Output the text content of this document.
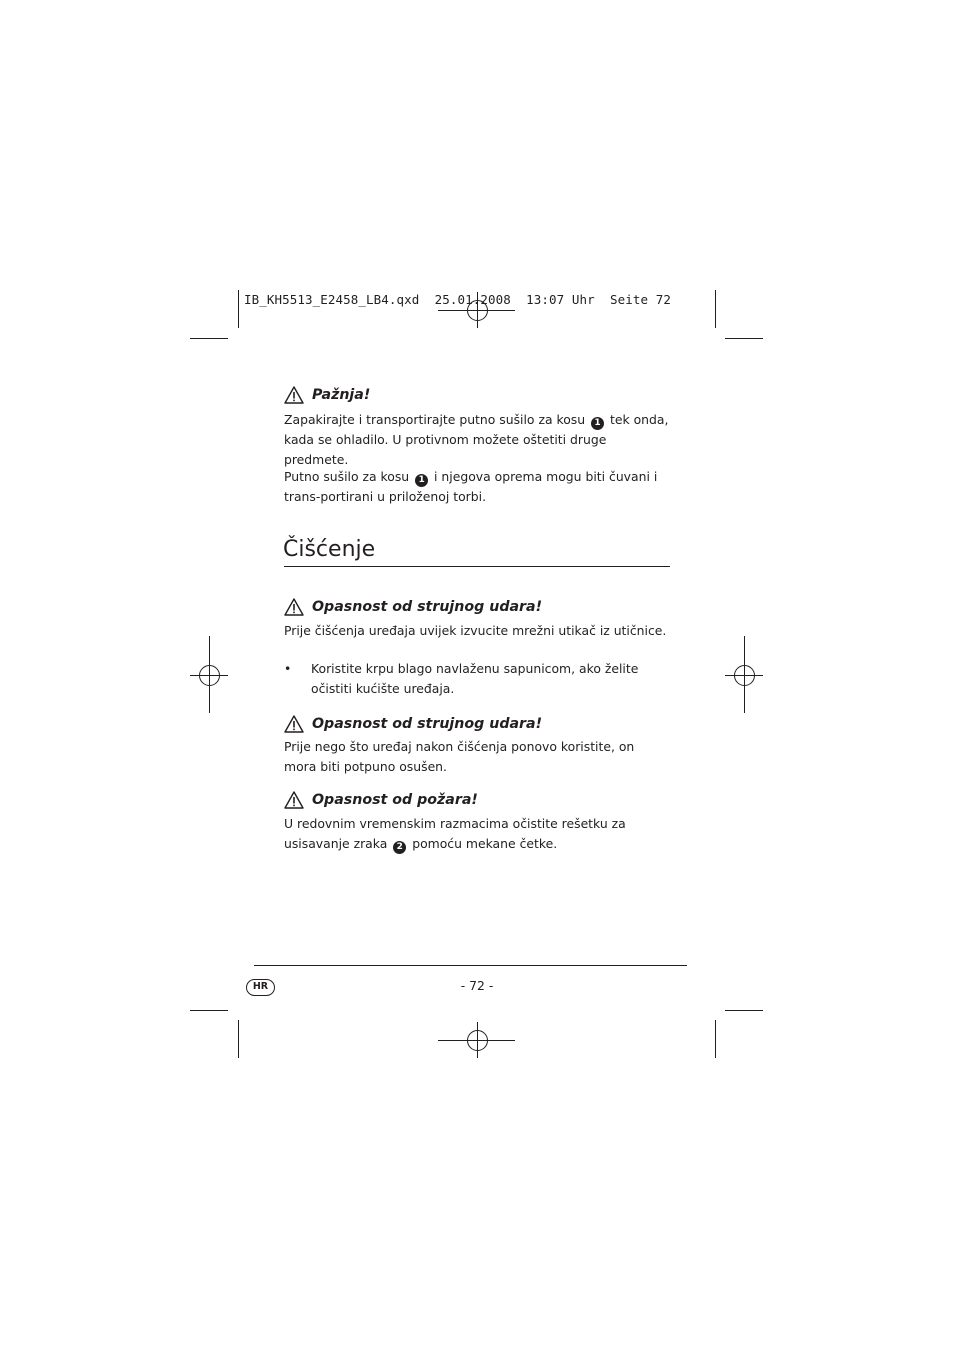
IB_KH5513_E2458_LB4.qxd  25.01.2008  13:07 Uhr  Seite 72
Pažnja!
Zapakirajte i transportirajte putno sušilo za kosu 1 tek onda, kada se ohladilo. U protivnom možete oštetiti druge predmete.
Putno sušilo za kosu 1 i njegova oprema mogu biti čuvani i trans-portirani u priloženoj torbi.
Čišćenje
Opasnost od strujnog udara!
Prije čišćenja uređaja uvijek izvucite mrežni utikač iz utičnice.
• Koristite krpu blago navlaženu sapunicom, ako želite očistiti kućište uređaja.
Opasnost od strujnog udara!
Prije nego što uređaj nakon čišćenja ponovo koristite, on mora biti potpuno osušen.
Opasnost od požara!
U redovnim vremenskim razmacima očistite rešetku za usisavanje zraka 2 pomoću mekane četke.
HR	- 72 -
